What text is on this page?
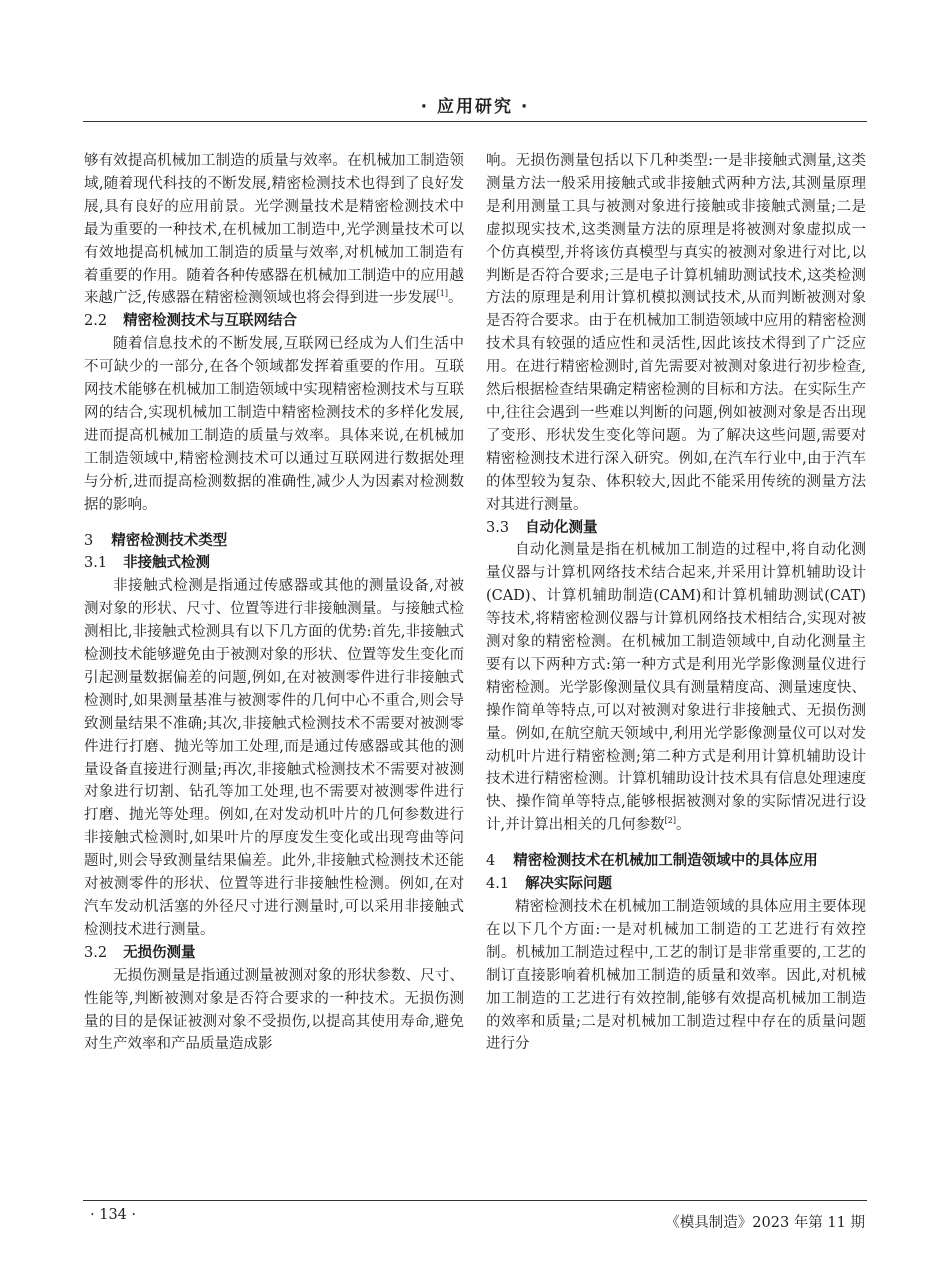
· 应用研究 ·

够有效提高机械加工制造的质量与效率。在机械加工制造领域,随着现代科技的不断发展,精密检测技术也得到了良好发展,具有良好的应用前景。光学测量技术是精密检测技术中最为重要的一种技术,在机械加工制造中,光学测量技术可以有效地提高机械加工制造的质量与效率,对机械加工制造有着重要的作用。随着各种传感器在机械加工制造中的应用越来越广泛,传感器在精密检测领域也将会得到进一步发展[1]。

2.2 精密检测技术与互联网结合

随着信息技术的不断发展,互联网已经成为人们生活中不可缺少的一部分,在各个领域都发挥着重要的作用。互联网技术能够在机械加工制造领域中实现精密检测技术与互联网的结合,实现机械加工制造中精密检测技术的多样化发展,进而提高机械加工制造的质量与效率。具体来说,在机械加工制造领域中,精密检测技术可以通过互联网进行数据处理与分析,进而提高检测数据的准确性,减少人为因素对检测数据的影响。

3 精密检测技术类型
3.1 非接触式检测

非接触式检测是指通过传感器或其他的测量设备,对被测对象的形状、尺寸、位置等进行非接触测量。与接触式检测相比,非接触式检测具有以下几方面的优势:首先,非接触式检测技术能够避免由于被测对象的形状、位置等发生变化而引起测量数据偏差的问题,例如,在对被测零件进行非接触式检测时,如果测量基准与被测零件的几何中心不重合,则会导致测量结果不准确;其次,非接触式检测技术不需要对被测零件进行打磨、抛光等加工处理,而是通过传感器或其他的测量设备直接进行测量;再次,非接触式检测技术不需要对被测对象进行切割、钻孔等加工处理,也不需要对被测零件进行打磨、抛光等处理。例如,在对发动机叶片的几何参数进行非接触式检测时,如果叶片的厚度发生变化或出现弯曲等问题时,则会导致测量结果偏差。此外,非接触式检测技术还能对被测零件的形状、位置等进行非接触性检测。例如,在对汽车发动机活塞的外径尺寸进行测量时,可以采用非接触式检测技术进行测量。

3.2 无损伤测量

无损伤测量是指通过测量被测对象的形状参数、尺寸、性能等,判断被测对象是否符合要求的一种技术。无损伤测量的目的是保证被测对象不受损伤,以提高其使用寿命,避免对生产效率和产品质量造成影

响。无损伤测量包括以下几种类型:一是非接触式测量,这类测量方法一般采用接触式或非接触式两种方法,其测量原理是利用测量工具与被测对象进行接触或非接触式测量;二是虚拟现实技术,这类测量方法的原理是将被测对象虚拟成一个仿真模型,并将该仿真模型与真实的被测对象进行对比,以判断是否符合要求;三是电子计算机辅助测试技术,这类检测方法的原理是利用计算机模拟测试技术,从而判断被测对象是否符合要求。由于在机械加工制造领域中应用的精密检测技术具有较强的适应性和灵活性,因此该技术得到了广泛应用。在进行精密检测时,首先需要对被测对象进行初步检查,然后根据检查结果确定精密检测的目标和方法。在实际生产中,往往会遇到一些难以判断的问题,例如被测对象是否出现了变形、形状发生变化等问题。为了解决这些问题,需要对精密检测技术进行深入研究。例如,在汽车行业中,由于汽车的体型较为复杂、体积较大,因此不能采用传统的测量方法对其进行测量。

3.3 自动化测量

自动化测量是指在机械加工制造的过程中,将自动化测量仪器与计算机网络技术结合起来,并采用计算机辅助设计(CAD)、计算机辅助制造(CAM)和计算机辅助测试(CAT)等技术,将精密检测仪器与计算机网络技术相结合,实现对被测对象的精密检测。在机械加工制造领域中,自动化测量主要有以下两种方式:第一种方式是利用光学影像测量仪进行精密检测。光学影像测量仪具有测量精度高、测量速度快、操作简单等特点,可以对被测对象进行非接触式、无损伤测量。例如,在航空航天领域中,利用光学影像测量仪可以对发动机叶片进行精密检测;第二种方式是利用计算机辅助设计技术进行精密检测。计算机辅助设计技术具有信息处理速度快、操作简单等特点,能够根据被测对象的实际情况进行设计,并计算出相关的几何参数[2]。

4 精密检测技术在机械加工制造领域中的具体应用
4.1 解决实际问题

精密检测技术在机械加工制造领域的具体应用主要体现在以下几个方面:一是对机械加工制造的工艺进行有效控制。机械加工制造过程中,工艺的制订是非常重要的,工艺的制订直接影响着机械加工制造的质量和效率。因此,对机械加工制造的工艺进行有效控制,能够有效提高机械加工制造的效率和质量;二是对机械加工制造过程中存在的质量问题进行分

· 134 ·	《模具制造》2023 年第 11 期
